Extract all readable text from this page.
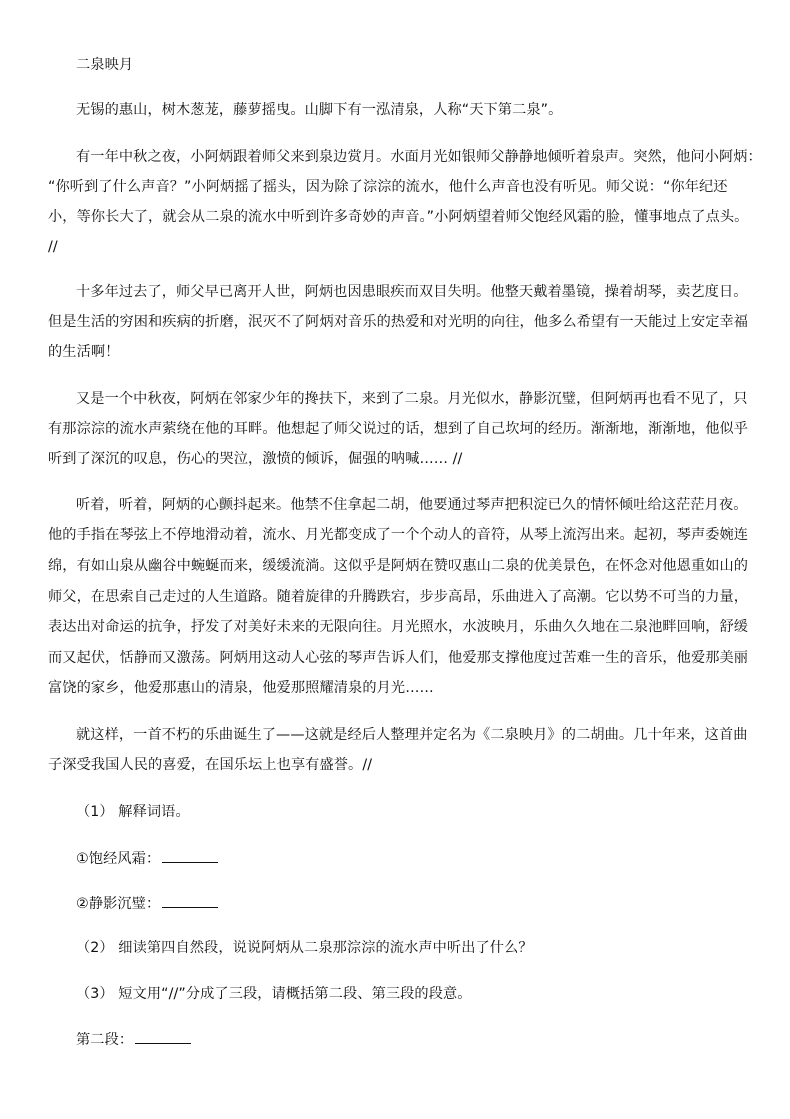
二泉映月
无锡的惠山，树木葱茏，藤萝摇曳。山脚下有一泓清泉，人称“天下第二泉”。
有一年中秋之夜，小阿炳跟着师父来到泉边赏月。水面月光如银师父静静地倾听着泉声。突然，他问小阿炳：
“你听到了什么声音？”小阿炳摇了摇头，因为除了淙淙的流水，他什么声音也没有听见。师父说：“你年纪还
小，等你长大了，就会从二泉的流水中听到许多奇妙的声音。”小阿炳望着师父饱经风霜的脸，懂事地点了点头。
//
十多年过去了，师父早已离开人世，阿炳也因患眼疾而双目失明。他整天戴着墨镜，操着胡琴，卖艺度日。
但是生活的穷困和疾病的折磨，泯灭不了阿炳对音乐的热爱和对光明的向往，他多么希望有一天能过上安定幸福
的生活啊！
又是一个中秋夜，阿炳在邻家少年的搀扶下，来到了二泉。月光似水，静影沉璧，但阿炳再也看不见了，只
有那淙淙的流水声萦绕在他的耳畔。他想起了师父说过的话，想到了自己坎坷的经历。渐渐地，渐渐地，他似乎
听到了深沉的叹息，伤心的哭泣，激愤的倾诉，倔强的呐喊…… //
听着，听着，阿炳的心颤抖起来。他禁不住拿起二胡，他要通过琴声把积淀已久的情怀倾吐给这茫茫月夜。
他的手指在琴弦上不停地滑动着，流水、月光都变成了一个个动人的音符，从琴上流泻出来。起初，琴声委婉连
绵，有如山泉从幽谷中蜿蜒而来，缓缓流淌。这似乎是阿炳在赞叹惠山二泉的优美景色，在怀念对他恩重如山的
师父，在思索自己走过的人生道路。随着旋律的升腾跌宕，步步高昂，乐曲进入了高潮。它以势不可当的力量，
表达出对命运的抗争，抒发了对美好未来的无限向往。月光照水，水波映月，乐曲久久地在二泉池畔回响，舒缓
而又起伏，恬静而又激荡。阿炳用这动人心弦的琴声告诉人们，他爱那支撑他度过苦难一生的音乐，他爱那美丽
富饶的家乡，他爱那惠山的清泉，他爱那照耀清泉的月光……
就这样，一首不朽的乐曲诞生了——这就是经后人整理并定名为《二泉映月》的二胡曲。几十年来，这首曲
子深受我国人民的喜爱，在国乐坛上也享有盛誉。//
（1） 解释词语。
①饱经风霜：
②静影沉璧：
（2） 细读第四自然段，说说阿炳从二泉那淙淙的流水声中听出了什么？
（3） 短文用“//”分成了三段，请概括第二段、第三段的段意。
第二段：
